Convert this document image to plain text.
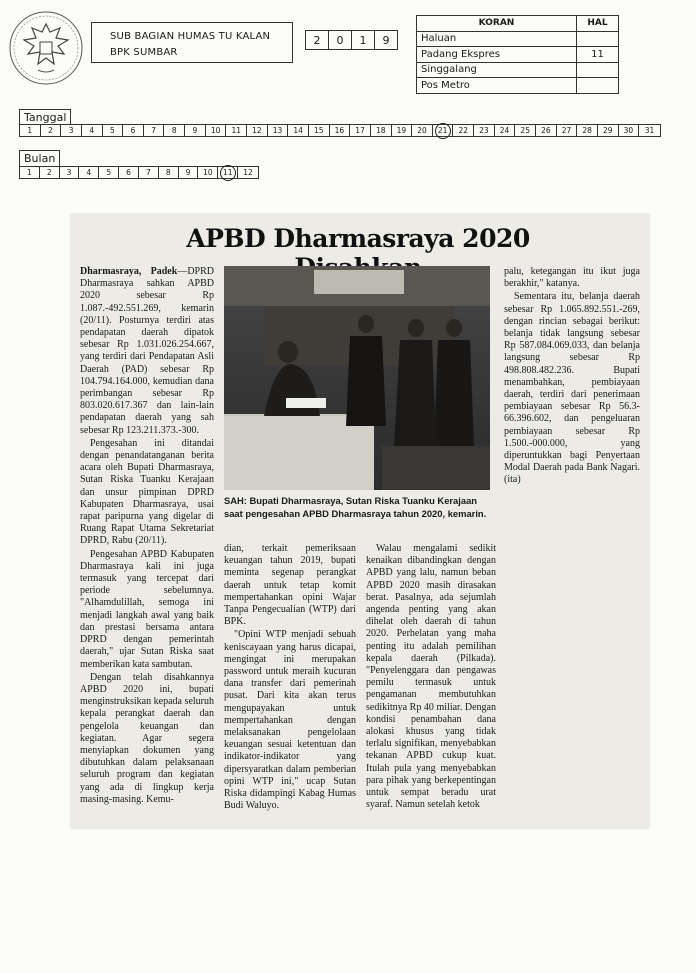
SUB BAGIAN HUMAS TU KALAN
BPK SUMBAR
2	0	1	9
KORAN	HAL
Haluan	
Padang Ekspres	11
Singgalang	
Pos Metro	
Tanggal
1	2	3	4	5	6	7	8	9	10	11	12	13	14	15	16	17	18	19	20	21	22	23	24	25	26	27	28	29	30	31
Bulan
1	2	3	4	5	6	7	8	9	10	11	12
APBD Dharmasraya 2020

Dharmasraya, Padek—DPRD Dharmasraya sahkan APBD 2020 sebesar Rp 1.087.-492.551.269, kemarin (20/11). Posturnya terdiri atas pendapatan daerah dipatok sebesar Rp 1.031.026.254.667, yang terdiri dari Pendapatan Asli Daerah (PAD) sebesar Rp 104.794.164.000, kemudian dana perimbangan sebesar Rp 803.020.617.367 dan lain-lain pendapatan daerah yang sah sebesar Rp 123.211.373.-300.

Pengesahan ini ditandai dengan penandatanganan berita acara oleh Bupati Dharmasraya, Sutan Riska Tuanku Kerajaan dan unsur pimpinan DPRD Kabupaten Dharmasraya, usai rapat paripurna yang digelar di Ruang Rapat Utama Sekretariat DPRD, Rabu (20/11).

Pengesahan APBD Kabupaten Dharmasraya kali ini juga termasuk yang tercepat dari periode sebelumnya. "Alhamdulillah, semoga ini menjadi langkah awal yang baik dan prestasi bersama antara DPRD dengan pemerintah daerah," ujar Sutan Riska saat memberikan kata sambutan.

Dengan telah disahkannya APBD 2020 ini, bupati menginstruksikan kepada seluruh kepala perangkat daerah dan pengelola keuangan dan kegiatan. Agar segera menyiapkan dokumen yang dibutuhkan dalam pelaksanaan seluruh program dan kegiatan yang ada di lingkup kerja masing-masing. Kemu-

SAH: Bupati Dharmasraya, Sutan Riska Tuanku Kerajaan saat pengesahan APBD Dharmasraya tahun 2020, kemarin.

dian, terkait pemeriksaan keuangan tahun 2019, bupati meminta segenap perangkat daerah untuk tetap komit mempertahankan opini Wajar Tanpa Pengecualian (WTP) dari BPK.

"Opini WTP menjadi sebuah keniscayaan yang harus dicapai, mengingat ini merupakan password untuk meraih kucuran dana transfer dari pemerinah pusat. Dari kita akan terus mengupayakan untuk mempertahankan dengan melaksanakan pengelolaan keuangan sesuai ketentuan dan indikator-indikator yang dipersyaratkan dalam pemberian opini WTP ini," ucap Sutan Riska didampingi Kabag Humas Budi Waluyo.

Walau mengalami sedikit kenaikan dibandingkan dengan APBD yang lalu, namun beban APBD 2020 masih dirasakan berat. Pasalnya, ada sejumlah angenda penting yang akan dihelat oleh daerah di tahun 2020. Perhelatan yang maha penting itu adalah pemilihan kepala daerah (Pilkada). "Penyelenggara dan pengawas pemilu termasuk untuk pengamanan membutuhkan sedikitnya Rp 40 miliar. Dengan kondisi penambahan dana alokasi khusus yang tidak terlalu signifikan, menyebabkan tekanan APBD cukup kuat. Itulah pula yang menyebabkan para pihak yang berkepentingan untuk sempat beradu urat syaraf. Namun setelah ketok

palu, ketegangan itu ikut juga berakhir," katanya.

Sementara itu, belanja daerah sebesar Rp 1.065.892.551.-269, dengan rincian sebagai berikut: belanja tidak langsung sebesar Rp 587.084.069.033, dan belanja langsung sebesar Rp 498.808.482.236. Bupati menambahkan, pembiayaan daerah, terdiri dari penerimaan pembiayaan sebesar Rp 56.3-66.396.602, dan pengeluaran pembiayaan sebesar Rp 1.500.-000.000, yang diperuntukkan bagi Penyertaan Modal Daerah pada Bank Nagari. (ita)
